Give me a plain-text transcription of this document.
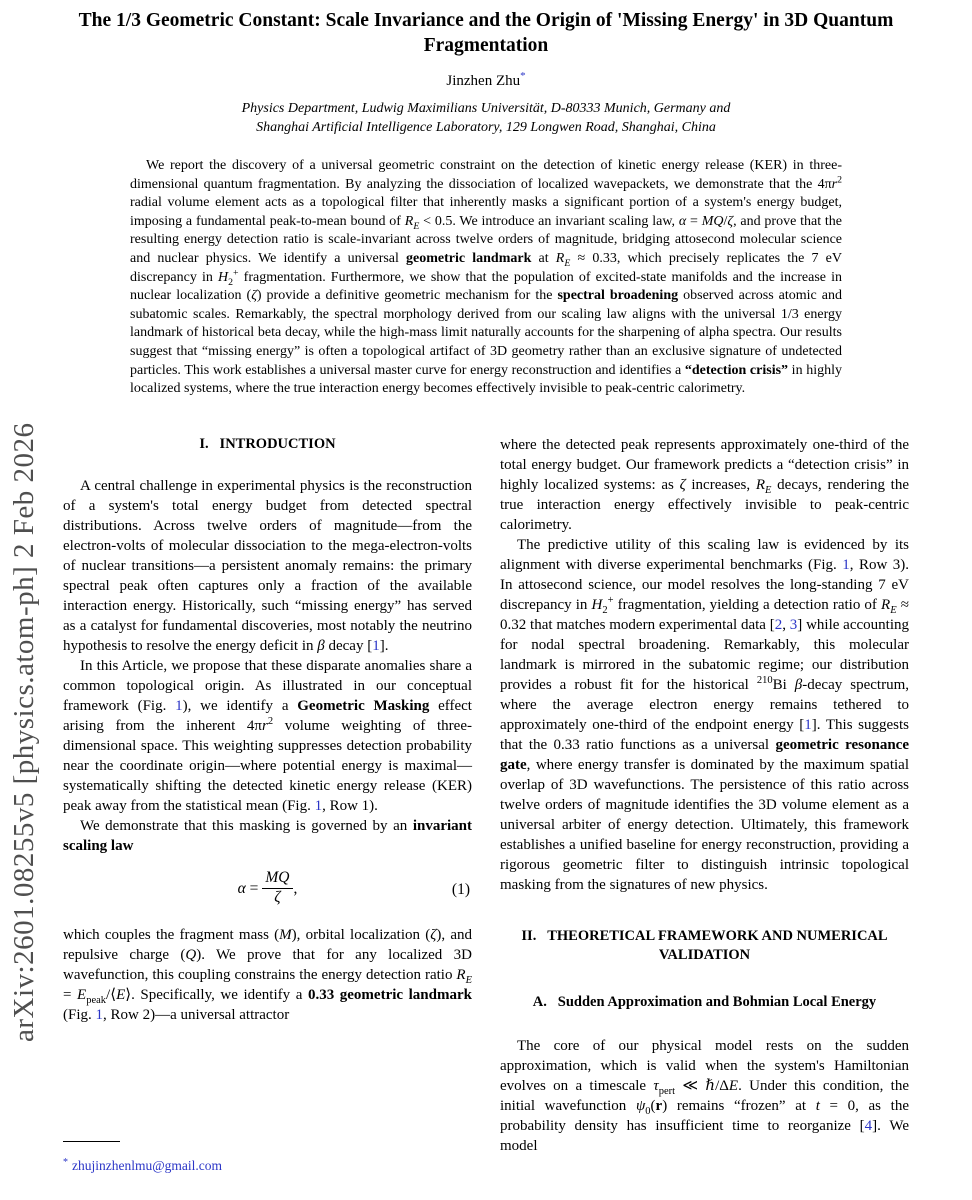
arXiv:2601.08255v5 [physics.atom-ph] 2 Feb 2026
The 1/3 Geometric Constant: Scale Invariance and the Origin of 'Missing Energy' in 3D Quantum
Fragmentation
Jinzhen Zhu*
Physics Department, Ludwig Maximilians Universität, D-80333 Munich, Germany and
Shanghai Artificial Intelligence Laboratory, 129 Longwen Road, Shanghai, China
We report the discovery of a universal geometric constraint on the detection of kinetic energy release (KER) in three-dimensional quantum fragmentation. By analyzing the dissociation of localized wavepackets, we demonstrate that the $4\pi r^2$ radial volume element acts as a topological filter that inherently masks a significant portion of a system's energy budget, imposing a fundamental peak-to-mean bound of $R_E < 0.5$. We introduce an invariant scaling law, α = MQ/ζ, and prove that the resulting energy detection ratio is scale-invariant across twelve orders of magnitude, bridging attosecond molecular science and nuclear physics. We identify a universal geometric landmark at $R_E \approx 0.33$, which precisely replicates the 7 eV discrepancy in $H_2^+$ fragmentation. Furthermore, we show that the population of excited-state manifolds and the increase in nuclear localization (ζ) provide a definitive geometric mechanism for the spectral broadening observed across atomic and subatomic scales. Remarkably, the spectral morphology derived from our scaling law aligns with the universal 1/3 energy landmark of historical beta decay, while the high-mass limit naturally accounts for the sharpening of alpha spectra. Our results suggest that “missing energy” is often a topological artifact of 3D geometry rather than an exclusive signature of undetected particles. This work establishes a universal master curve for energy reconstruction and identifies a “detection crisis” in highly localized systems, where the true interaction energy becomes effectively invisible to peak-centric calorimetry.
I.   INTRODUCTION

A central challenge in experimental physics is the reconstruction of a system's total energy budget from detected spectral distributions. Across twelve orders of magnitude—from the electron-volts of molecular dissociation to the mega-electron-volts of nuclear transitions—a persistent anomaly remains: the primary spectral peak often captures only a fraction of the available interaction energy. Historically, such “missing energy” has served as a catalyst for fundamental discoveries, most notably the neutrino hypothesis to resolve the energy deficit in β decay [1].

In this Article, we propose that these disparate anomalies share a common topological origin. As illustrated in our conceptual framework (Fig. 1), we identify a Geometric Masking effect arising from the inherent $4\pi r^2$ volume weighting of three-dimensional space. This weighting suppresses detection probability near the coordinate origin—where potential energy is maximal—systematically shifting the detected kinetic energy release (KER) peak away from the statistical mean (Fig. 1, Row 1).

We demonstrate that this masking is governed by an invariant scaling law

$\alpha = \frac{MQ}{\zeta}$ ,	(1)

which couples the fragment mass (M), orbital localization (ζ), and repulsive charge (Q). We prove that for any localized 3D wavefunction, this coupling constrains the energy detection ratio $R_E$ = $E_{peak}/⟨E⟩$. Specifically, we identify a 0.33 geometric landmark (Fig. 1, Row 2)—a universal attractor

where the detected peak represents approximately one-third of the total energy budget. Our framework predicts a “detection crisis” in highly localized systems: as ζ increases, $R_E$ decays, rendering the true interaction energy effectively invisible to peak-centric calorimetry.

The predictive utility of this scaling law is evidenced by its alignment with diverse experimental benchmarks (Fig. 1, Row 3). In attosecond science, our model resolves the long-standing 7 eV discrepancy in $H_2^+$ fragmentation, yielding a detection ratio of $R_E \approx 0.32$ that matches modern experimental data [2, 3] while accounting for nodal spectral broadening. Remarkably, this molecular landmark is mirrored in the subatomic regime; our distribution provides a robust fit for the historical $^{210}$Bi β-decay spectrum, where the average electron energy remains tethered to approximately one-third of the endpoint energy [1]. This suggests that the 0.33 ratio functions as a universal geometric resonance gate, where energy transfer is dominated by the maximum spatial overlap of 3D wavefunctions. The persistence of this ratio across twelve orders of magnitude identifies the 3D volume element as a universal arbiter of energy detection. Ultimately, this framework establishes a unified baseline for energy reconstruction, providing a rigorous geometric filter to distinguish intrinsic topological masking from the signatures of new physics.

II.   THEORETICAL FRAMEWORK AND NUMERICAL VALIDATION
A.   Sudden Approximation and Bohmian Local Energy

The core of our physical model rests on the sudden approximation, which is valid when the system's Hamiltonian evolves on a timescale $\tau_{pert}$ ≪ ℏ/ΔE. Under this condition, the initial wavefunction $\psi_0(r)$ remains “frozen” at t = 0, as the probability density has insufficient time to reorganize [4]. We model

* zhujinzhenlmu@gmail.com
